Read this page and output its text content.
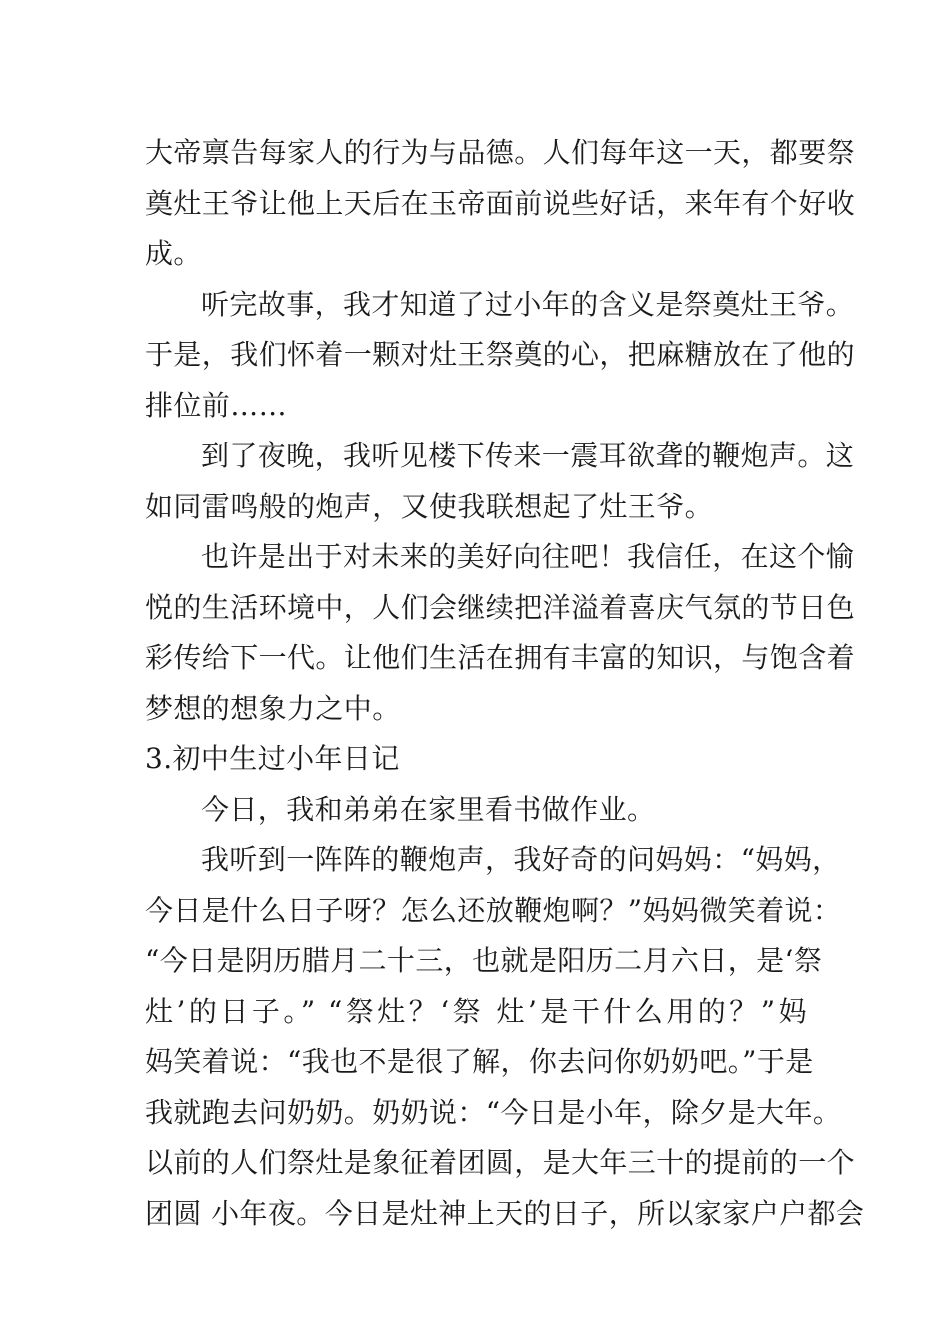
大帝禀告每家人的行为与品德。人们每年这一天，都要祭
奠灶王爷让他上天后在玉帝面前说些好话，来年有个好收
成。
听完故事，我才知道了过小年的含义是祭奠灶王爷。
于是，我们怀着一颗对灶王祭奠的心，把麻糖放在了他的
排位前……
到了夜晚，我听见楼下传来一震耳欲聋的鞭炮声。这
如同雷鸣般的炮声，又使我联想起了灶王爷。
也许是出于对未来的美好向往吧！我信任，在这个愉
悦的生活环境中，人们会继续把洋溢着喜庆气氛的节日色
彩传给下一代。让他们生活在拥有丰富的知识，与饱含着
梦想的想象力之中。
3.初中生过小年日记
今日，我和弟弟在家里看书做作业。
我听到一阵阵的鞭炮声，我好奇的问妈妈：“妈妈，
今日是什么日子呀？怎么还放鞭炮啊？”妈妈微笑着说：
“今日是阴历腊月二十三，也就是阳历二月六日，是‘祭
灶’的日子。” “祭灶？‘祭 灶’是干什么用的？”妈
妈笑着说：“我也不是很了解，你去问你奶奶吧。”于是
我就跑去问奶奶。奶奶说：“今日是小年，除夕是大年。
以前的人们祭灶是象征着团圆，是大年三十的提前的一个
团圆 小年夜。今日是灶神上天的日子，所以家家户户都会
